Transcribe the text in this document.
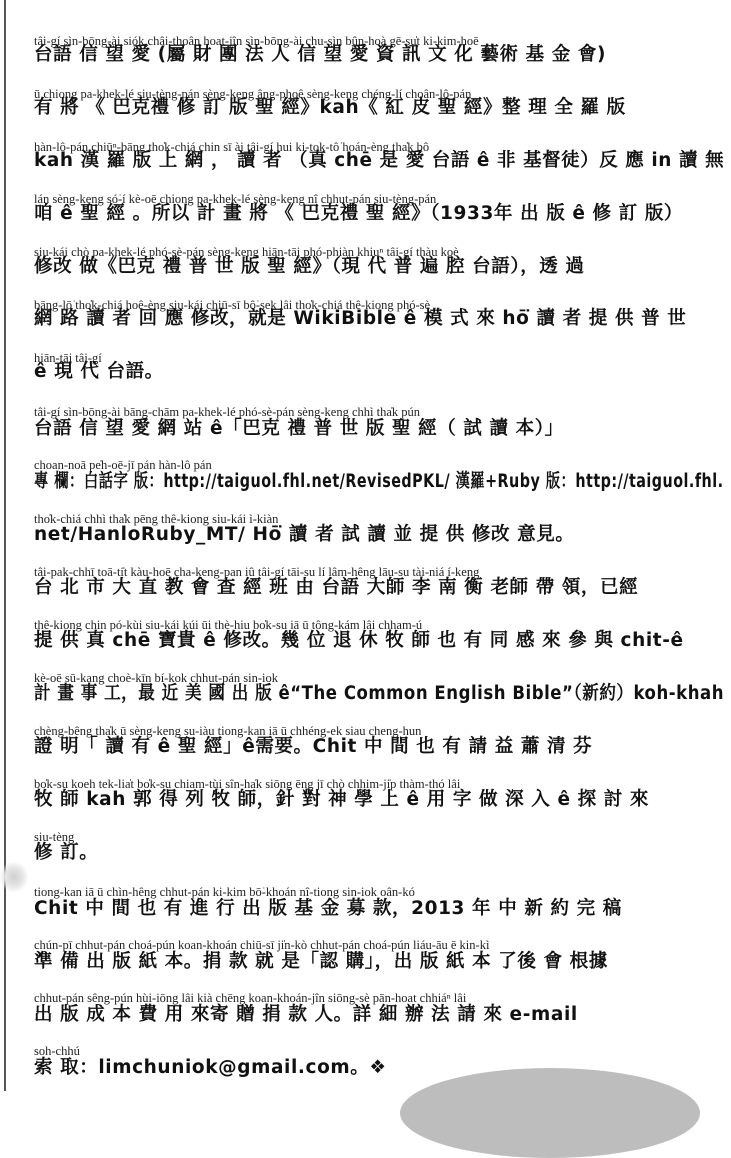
tâi-gí sìn-bōng-ài siók châi-thoân hoat-jîn sìn-bōng-ài chu-sìn bûn-hoà gē-su̍t ki-kim-hoē
台語 信 望 愛 (屬 財 團 法 人 信 望 愛 資 訊 文 化 藝術 基 金 會)
ū chiong pa-khek-lé siu-tèng-pán sèng-keng âng-phoê sèng-keng chéng-lí choân-lô-pán
有 將 《 巴克禮 修 訂 版 聖 經》kah《 紅 皮 聖 經》整 理 全 羅 版
hàn-lô-pán chiūⁿ-bāng tho̍k-chiá chin sī ài tâi-gí hui ki-tok-tô͘ hoán-èng tha̍k bô
kah 漢 羅 版 上 網 ， 讀 者 （真 chē 是 愛 台語 ê 非 基督徒）反 應 in 讀 無
lán sèng-keng só͘-í kè-oē chiong pa-khek-lé sèng-keng nî chhut-pán siu-tèng-pán
咱 ê 聖 經 。所以 計 畫 將 《 巴克禮 聖 經》（1933年 出 版 ê 修 訂 版）
siu-kái chò pa-khek-lé phó-sè-pán sèng-keng hiān-tāi phó-phiàn khiuⁿ tâi-gí thàu koè
修改 做《巴克 禮 普 世 版 聖 經》（現 代 普 遍 腔 台語），透 過
bāng-lō͘ tho̍k-chiá hoê-èng siu-kái chiū-sī bô͘-sek lâi tho̍k-chiá thê-kiong phó-sè
網 路 讀 者 回 應 修改，就是 WikiBible ê 模 式 來 hō͘ 讀 者 提 供 普 世
hiān-tāi tâi-gí
ê 現 代 台語。
tâi-gí sìn-bōng-ài bāng-chām pa-khek-lé phó-sè-pán sèng-keng chhì tha̍k pún
台語 信 望 愛 網 站 ê「巴克 禮 普 世 版 聖 經（ 試 讀 本）」
choan-noā pe̍h-oē-jī pán hàn-lô pán
專 欄：白話字 版：http://taiguol.fhl.net/RevisedPKL/ 漢羅+Ruby 版：http://taiguol.fhl.
tho̍k-chiá chhì tha̍k pēng thê-kiong siu-kái ì-kiàn
net/HanloRuby_MT/ Hō͘ 讀 者 試 讀 並 提 供 修改 意見。
tâi-pak-chhī toā-ti̍t kàu-hoē cha-keng-pan iû tâi-gí tāi-su lí lâm-hêng lāu-su tài-niá í-keng
台 北 市 大 直 教 會 查 經 班 由 台語 大師 李 南 衡 老師 帶 領，已經
thê-kiong chin pó-kùi siu-kái kúi ūi thè-hiu bo̍k-su iā ū tông-kám lâi chham-ú
提 供 真 chē 寶貴 ê 修改。幾 位 退 休 牧 師 也 有 同 感 來 參 與 chit-ê
kè-oē sū-kang choè-kīn bí-kok chhut-pán sin-iok
計 畫 事 工，最 近 美 國 出 版 ê“The Common English Bible”（新約）koh-khah
chèng-bêng tha̍k ū sèng-keng su-iàu tiong-kan iā ū chhéng-ek siau cheng-hun
證 明「 讀 有 ê 聖 經」ê需要。Chit 中 間 也 有 請 益 蕭 清 芬
bo̍k-su koeh tek-lia̍t bo̍k-su chiam-tùi sîn-ha̍k siōng ēng jī chò chhim-ji̍p thàm-thó lâi
牧 師 kah 郭 得 列 牧 師，針 對 神 學 上 ê 用 字 做 深 入 ê 探 討 來
siu-tèng
修 訂。
tiong-kan iā ū chìn-hêng chhut-pán ki-kim bō͘-khoán nî-tiong sin-iok oân-kó
Chit 中 間 也 有 進 行 出 版 基 金 募 款，2013 年 中 新 約 完 稿
chún-pī chhut-pán choá-pún koan-khoán chiū-sī ji̍n-kò chhut-pán choá-pún liáu-āu ē kin-kì
準 備 出 版 紙 本。捐 款 就 是「認 購」，出 版 紙 本 了後 會 根據
chhut-pán sêng-pún hùi-iōng lâi kià chēng koan-khoán-jîn siōng-sè pān-hoat chhiáⁿ lâi
出 版 成 本 費 用 來寄 贈 捐 款 人。詳 細 辦 法 請 來 e-mail
soh-chhú
索 取：limchuniok@gmail.com。❖
